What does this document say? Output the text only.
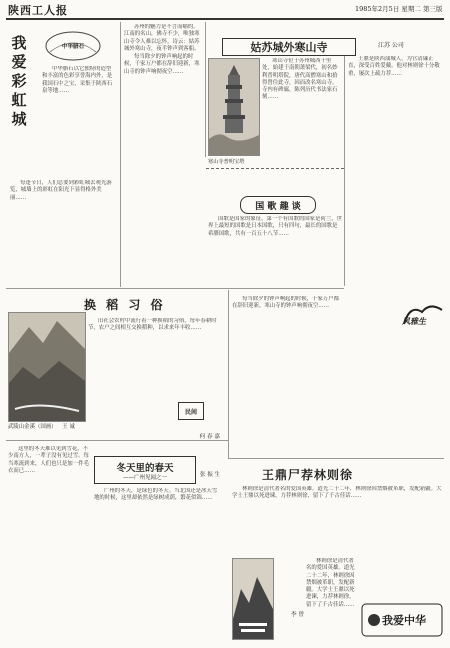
陕西工人报	1985年2月5日 星期二 第三版
我
爱
彩
虹
城
中华腊石

中华腊石以它独特的造型和丰富的色彩享誉海内外，是我国石中之宝，采集于陕西石泉等地……

每逢节日，人们总要到彩虹城去观光游览，城墙上的彩虹在阳光下显得格外美丽……

苏州的魅力是不言而喻的。江南的名山，佛寺不少，唯独寒山寺令人难以忘怀，诗云：姑苏城外寒山寺，夜半钟声到客船。

每当除夕的钟声响起的时候，千家万户都在辞旧迎新，寒山寺的钟声响彻夜空……

姑苏城外寒山寺	江苏 公司

寒山寺位于苏州城西十里处，始建于南朝萧梁代，初名妙利普明塔院，唐代高僧寒山和拾得曾住此寺，因而改名寒山寺。寺内有碑廊，陈列历代书法家石刻……

寒山寺普明宝塔

王鼎是陕西蒲城人，为官清廉正直，深受百姓爱戴。他对林则徐十分敬重，屡次上疏力荐……

国 歌 趣 谈

国歌是国家的象征。第一个有国歌的国家是荷兰，世界上最短的国歌是日本国歌，只有四句，最长的国歌是希腊国歌，共有一百五十八节……

风雅生
换 稻 习 俗

旧社会农村中流行着一种换稻的习俗，每年春耕时节，农户之间相互交换稻种，以求来年丰收……

民间
何 春 嘉
武陵山金溪（国画） 王 诚

每当除夕的钟声响起的时候，千家万户都在辞旧迎新，寒山寺的钟声响彻夜空……

冬天里的春天
——广州见闻之一	张 振 生

广州的冬天，是绿色的冬天。当北国还是冰天雪地的时候，这里却依然是绿树成荫，繁花似锦……

这里的冬天难以见到雪花，不少南方人，一辈子没有见过雪。每当寒流到来，人们也只是加一件毛衣而已……	王鼎尸荐林则徐

林则徐是清代著名的爱国英雄。道光二十二年，林则徐因禁烟被革职，发配新疆。大学士王鼎以死进谏，力荐林则徐，留下了千古佳话……

李 曾

林则徐是清代著名的爱国英雄。道光二十二年，林则徐因禁烟被革职，发配新疆。大学士王鼎以死进谏，力荐林则徐，留下了千古佳话……

我爱中华
